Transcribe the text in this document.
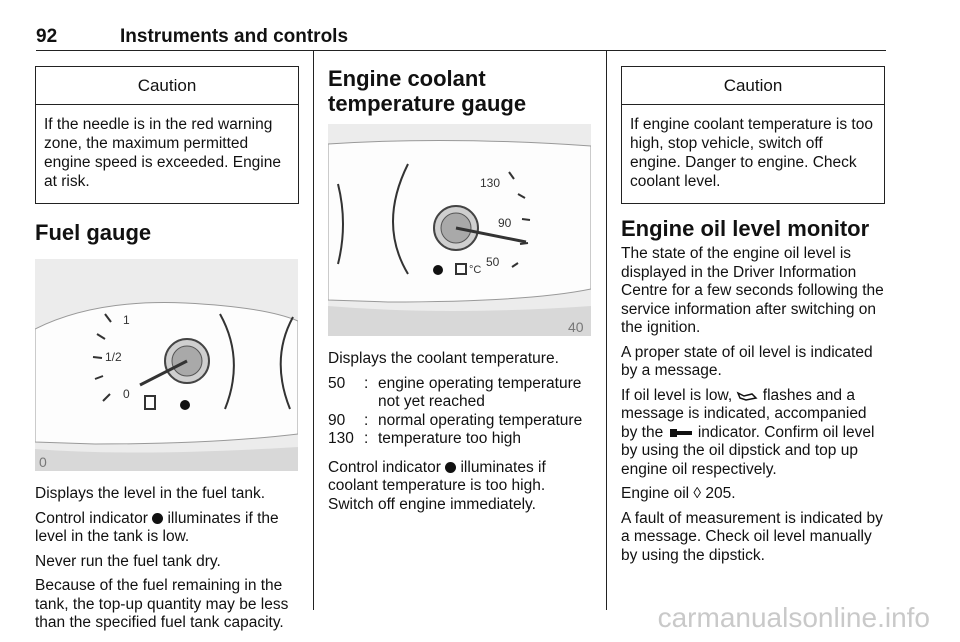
92	Instruments and controls
Caution
If the needle is in the red warning zone, the maximum permitted engine speed is exceeded. Engine at risk.
Fuel gauge
1
1/2
0
0

Displays the level in the fuel tank.

Control indicator illuminates if the level in the tank is low.

Never run the fuel tank dry.

Because of the fuel remaining in the tank, the top-up quantity may be less than the specified fuel tank capacity.

Engine coolant temperature gauge
°C
130
90
50
40

Displays the coolant temperature.

50	:	engine operating temperature not yet reached
90	:	normal operating temperature
130	:	temperature too high

Control indicator illuminates if coolant temperature is too high. Switch off engine immediately.

Caution
If engine coolant temperature is too high, stop vehicle, switch off engine. Danger to engine. Check coolant level.
Engine oil level monitor

The state of the engine oil level is displayed in the Driver Information Centre for a few seconds following the service information after switching on the ignition.

A proper state of oil level is indicated by a message.

If oil level is low, flashes and a message is indicated, accompanied by the indicator. Confirm oil level by using the oil dipstick and top up engine oil respectively.

Engine oil ◊ 205.

A fault of measurement is indicated by a message. Check oil level manually by using the dipstick.

carmanualsonline.info
